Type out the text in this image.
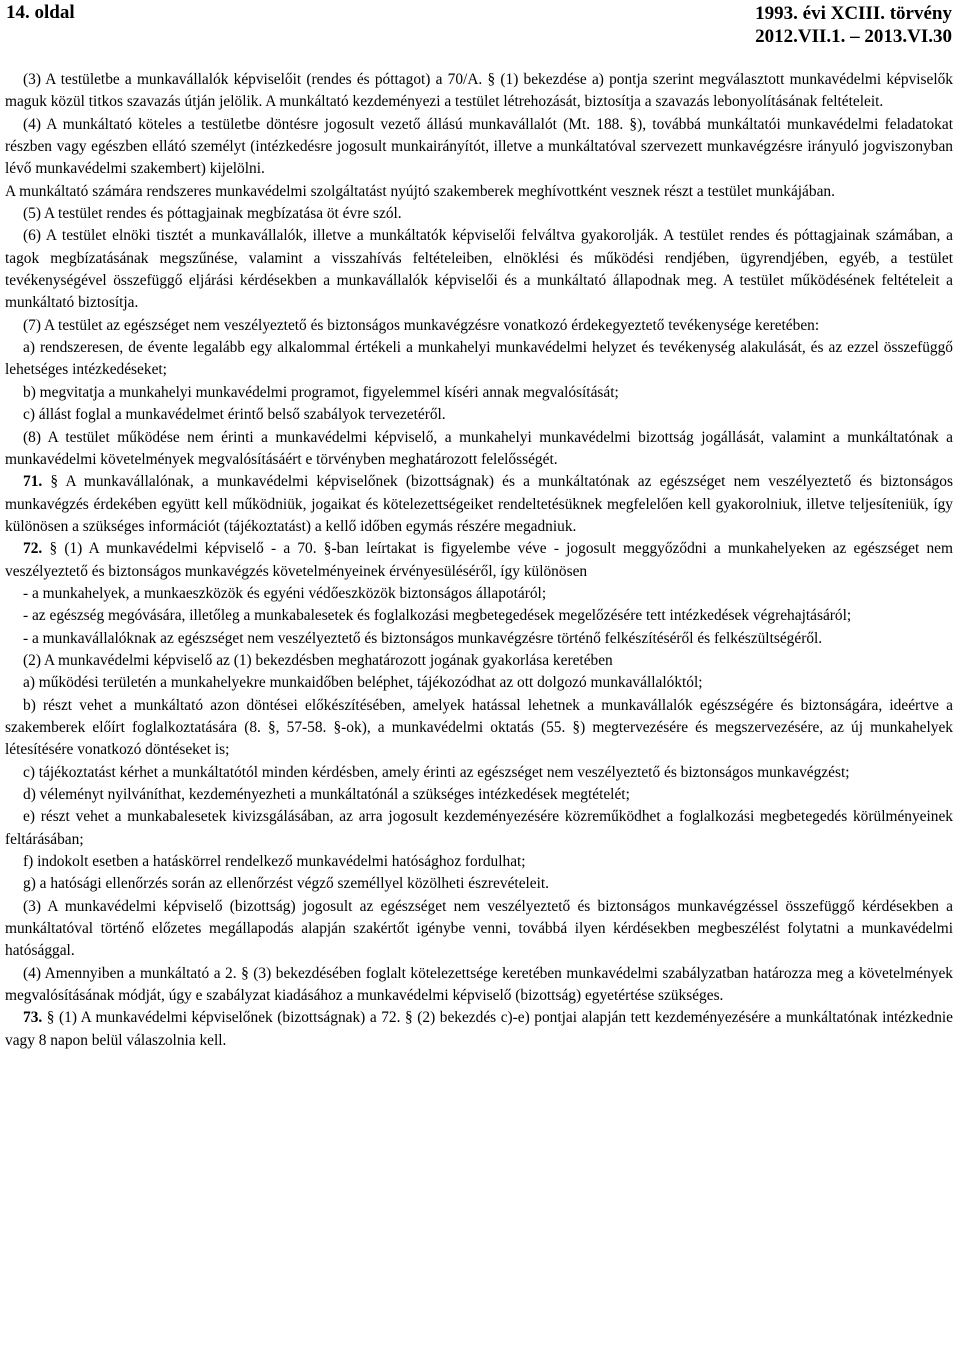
14. oldal	1993. évi XCIII. törvény
2012.VII.1. – 2013.VI.30

(3) A testületbe a munkavállalók képviselőit (rendes és póttagot) a 70/A. § (1) bekezdése a) pontja szerint megválasztott munkavédelmi képviselők maguk közül titkos szavazás útján jelölik. A munkáltató kezdeményezi a testület létrehozását, biztosítja a szavazás lebonyolításának feltételeit.

(4) A munkáltató köteles a testületbe döntésre jogosult vezető állású munkavállalót (Mt. 188. §), továbbá munkáltatói munkavédelmi feladatokat részben vagy egészben ellátó személyt (intézkedésre jogosult munkairányítót, illetve a munkáltatóval szervezett munkavégzésre irányuló jogviszonyban lévő munkavédelmi szakembert) kijelölni.

A munkáltató számára rendszeres munkavédelmi szolgáltatást nyújtó szakemberek meghívottként vesznek részt a testület munkájában.

(5) A testület rendes és póttagjainak megbízatása öt évre szól.

(6) A testület elnöki tisztét a munkavállalók, illetve a munkáltatók képviselői felváltva gyakorolják. A testület rendes és póttagjainak számában, a tagok megbízatásának megszűnése, valamint a visszahívás feltételeiben, elnöklési és működési rendjében, ügyrendjében, egyéb, a testület tevékenységével összefüggő eljárási kérdésekben a munkavállalók képviselői és a munkáltató állapodnak meg. A testület működésének feltételeit a munkáltató biztosítja.

(7) A testület az egészséget nem veszélyeztető és biztonságos munkavégzésre vonatkozó érdekegyeztető tevékenysége keretében:

a) rendszeresen, de évente legalább egy alkalommal értékeli a munkahelyi munkavédelmi helyzet és tevékenység alakulását, és az ezzel összefüggő lehetséges intézkedéseket;

b) megvitatja a munkahelyi munkavédelmi programot, figyelemmel kíséri annak megvalósítását;

c) állást foglal a munkavédelmet érintő belső szabályok tervezetéről.

(8) A testület működése nem érinti a munkavédelmi képviselő, a munkahelyi munkavédelmi bizottság jogállását, valamint a munkáltatónak a munkavédelmi követelmények megvalósításáért e törvényben meghatározott felelősségét.

71. § A munkavállalónak, a munkavédelmi képviselőnek (bizottságnak) és a munkáltatónak az egészséget nem veszélyeztető és biztonságos munkavégzés érdekében együtt kell működniük, jogaikat és kötelezettségeiket rendeltetésüknek megfelelően kell gyakorolniuk, illetve teljesíteniük, így különösen a szükséges információt (tájékoztatást) a kellő időben egymás részére megadniuk.

72. § (1) A munkavédelmi képviselő - a 70. §-ban leírtakat is figyelembe véve - jogosult meggyőződni a munkahelyeken az egészséget nem veszélyeztető és biztonságos munkavégzés követelményeinek érvényesüléséről, így különösen

- a munkahelyek, a munkaeszközök és egyéni védőeszközök biztonságos állapotáról;

- az egészség megóvására, illetőleg a munkabalesetek és foglalkozási megbetegedések megelőzésére tett intézkedések végrehajtásáról;

- a munkavállalóknak az egészséget nem veszélyeztető és biztonságos munkavégzésre történő felkészítéséről és felkészültségéről.

(2) A munkavédelmi képviselő az (1) bekezdésben meghatározott jogának gyakorlása keretében

a) működési területén a munkahelyekre munkaidőben beléphet, tájékozódhat az ott dolgozó munkavállalóktól;

b) részt vehet a munkáltató azon döntései előkészítésében, amelyek hatással lehetnek a munkavállalók egészségére és biztonságára, ideértve a szakemberek előírt foglalkoztatására (8. §, 57-58. §-ok), a munkavédelmi oktatás (55. §) megtervezésére és megszervezésére, az új munkahelyek létesítésére vonatkozó döntéseket is;

c) tájékoztatást kérhet a munkáltatótól minden kérdésben, amely érinti az egészséget nem veszélyeztető és biztonságos munkavégzést;

d) véleményt nyilváníthat, kezdeményezheti a munkáltatónál a szükséges intézkedések megtételét;

e) részt vehet a munkabalesetek kivizsgálásában, az arra jogosult kezdeményezésére közreműködhet a foglalkozási megbetegedés körülményeinek feltárásában;

f) indokolt esetben a hatáskörrel rendelkező munkavédelmi hatósághoz fordulhat;

g) a hatósági ellenőrzés során az ellenőrzést végző személlyel közölheti észrevételeit.

(3) A munkavédelmi képviselő (bizottság) jogosult az egészséget nem veszélyeztető és biztonságos munkavégzéssel összefüggő kérdésekben a munkáltatóval történő előzetes megállapodás alapján szakértőt igénybe venni, továbbá ilyen kérdésekben megbeszélést folytatni a munkavédelmi hatósággal.

(4) Amennyiben a munkáltató a 2. § (3) bekezdésében foglalt kötelezettsége keretében munkavédelmi szabályzatban határozza meg a követelmények megvalósításának módját, úgy e szabályzat kiadásához a munkavédelmi képviselő (bizottság) egyetértése szükséges.

73. § (1) A munkavédelmi képviselőnek (bizottságnak) a 72. § (2) bekezdés c)-e) pontjai alapján tett kezdeményezésére a munkáltatónak intézkednie vagy 8 napon belül válaszolnia kell.
